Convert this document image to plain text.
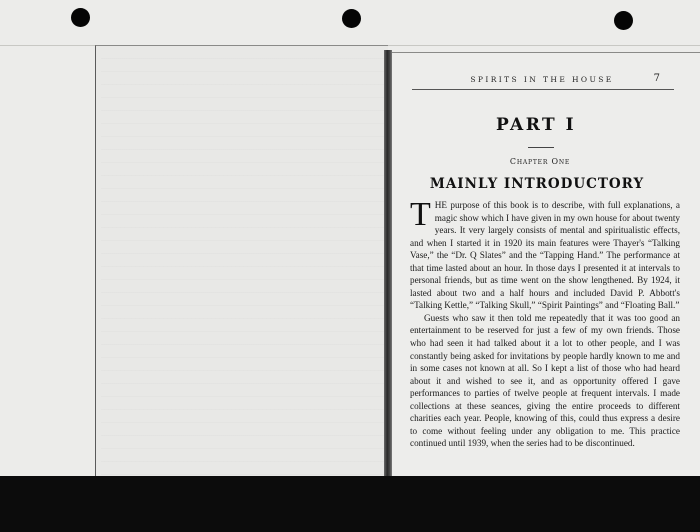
SPIRITS IN THE HOUSE	7
PART I
Chapter One
MAINLY INTRODUCTORY

THE purpose of this book is to describe, with full explanations, a magic show which I have given in my own house for about twenty years. It very largely consists of mental and spiritualistic effects, and when I started it in 1920 its main features were Thayer's “Talking Vase,” the “Dr. Q Slates” and the “Tapping Hand.” The performance at that time lasted about an hour. In those days I presented it at intervals to personal friends, but as time went on the show lengthened. By 1924, it lasted about two and a half hours and included David P. Abbott's “Talking Kettle,” “Talking Skull,” “Spirit Paintings” and “Floating Ball.”

Guests who saw it then told me repeatedly that it was too good an entertainment to be reserved for just a few of my own friends. Those who had seen it had talked about it a lot to other people, and I was constantly being asked for invitations by people hardly known to me and in some cases not known at all. So I kept a list of those who had heard about it and wished to see it, and as opportunity offered I gave performances to parties of twelve people at frequent intervals. I made collections at these seances, giving the entire proceeds to different charities each year. People, knowing of this, could thus express a desire to come without feeling under any obligation to me. This practice continued until 1939, when the series had to be discontinued.
